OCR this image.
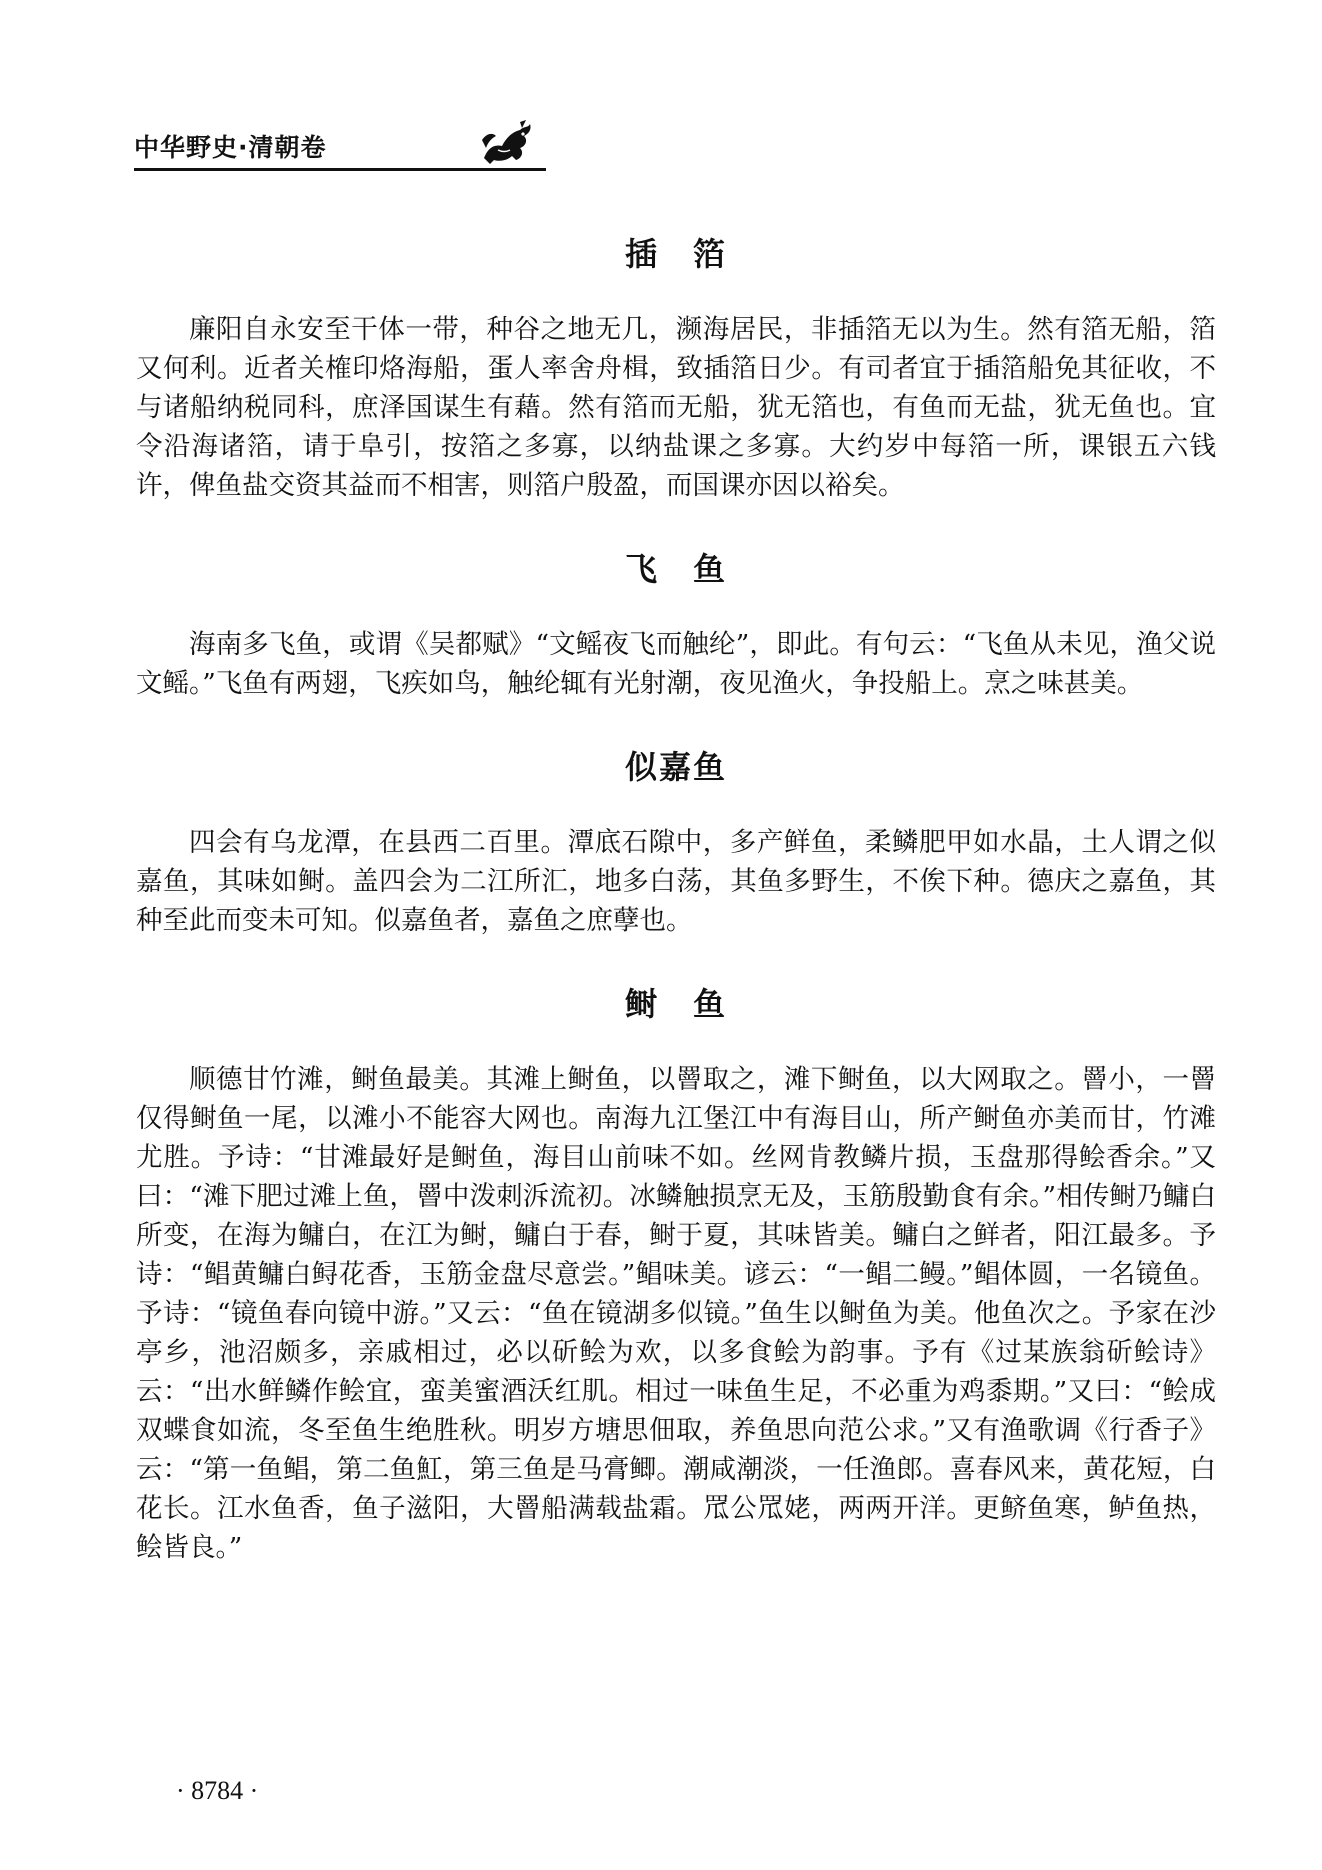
中华野史·清朝卷
插　箔

廉阳自永安至干体一带，种谷之地无几，濒海居民，非插箔无以为生。然有箔无船，箔又何利。近者关榷印烙海船，蛋人率舍舟楫，致插箔日少。有司者宜于插箔船免其征收，不与诸船纳税同科，庶泽国谋生有藉。然有箔而无船，犹无箔也，有鱼而无盐，犹无鱼也。宜令沿海诸箔，请于阜引，按箔之多寡，以纳盐课之多寡。大约岁中每箔一所，课银五六钱许，俾鱼盐交资其益而不相害，则箔户殷盈，而国课亦因以裕矣。

飞　鱼

海南多飞鱼，或谓《吴都赋》“文鳐夜飞而触纶”，即此。有句云：“飞鱼从未见，渔父说文鳐。”飞鱼有两翅，飞疾如鸟，触纶辄有光射潮，夜见渔火，争投船上。烹之味甚美。

似嘉鱼

四会有乌龙潭，在县西二百里。潭底石隙中，多产鲜鱼，柔鳞肥甲如水晶，土人谓之似嘉鱼，其味如鲥。盖四会为二江所汇，地多白荡，其鱼多野生，不俟下种。德庆之嘉鱼，其种至此而变未可知。似嘉鱼者，嘉鱼之庶孽也。

鲥　鱼

顺德甘竹滩，鲥鱼最美。其滩上鲥鱼，以罾取之，滩下鲥鱼，以大网取之。罾小，一罾仅得鲥鱼一尾，以滩小不能容大网也。南海九江堡江中有海目山，所产鲥鱼亦美而甘，竹滩尤胜。予诗：“甘滩最好是鲥鱼，海目山前味不如。丝网肯教鳞片损，玉盘那得鲙香余。”又曰：“滩下肥过滩上鱼，罾中泼刺泝流初。冰鳞触损烹无及，玉筋殷勤食有余。”相传鲥乃鳙白所变，在海为鳙白，在江为鲥，鳙白于春，鲥于夏，其味皆美。鳙白之鲜者，阳江最多。予诗：“鲳黄鳙白鲟花香，玉筋金盘尽意尝。”鲳味美。谚云：“一鲳二鳗。”鲳体圆，一名镜鱼。予诗：“镜鱼春向镜中游。”又云：“鱼在镜湖多似镜。”鱼生以鲥鱼为美。他鱼次之。予家在沙亭乡，池沼颇多，亲戚相过，必以斫鲙为欢，以多食鲙为韵事。予有《过某族翁斫鲙诗》云：“出水鲜鳞作鲙宜，蛮美蜜酒沃红肌。相过一味鱼生足，不必重为鸡黍期。”又曰：“鲙成双蝶食如流，冬至鱼生绝胜秋。明岁方塘思佃取，养鱼思向范公求。”又有渔歌调《行香子》云：“第一鱼鲳，第二鱼魟，第三鱼是马膏鲫。潮咸潮淡，一任渔郎。喜春风来，黄花短，白花长。江水鱼香，鱼子滋阳，大罾船满载盐霜。罛公罛姥，两两开洋。更鲚鱼寒，鲈鱼热，鲙皆良。”

· 8784 ·
